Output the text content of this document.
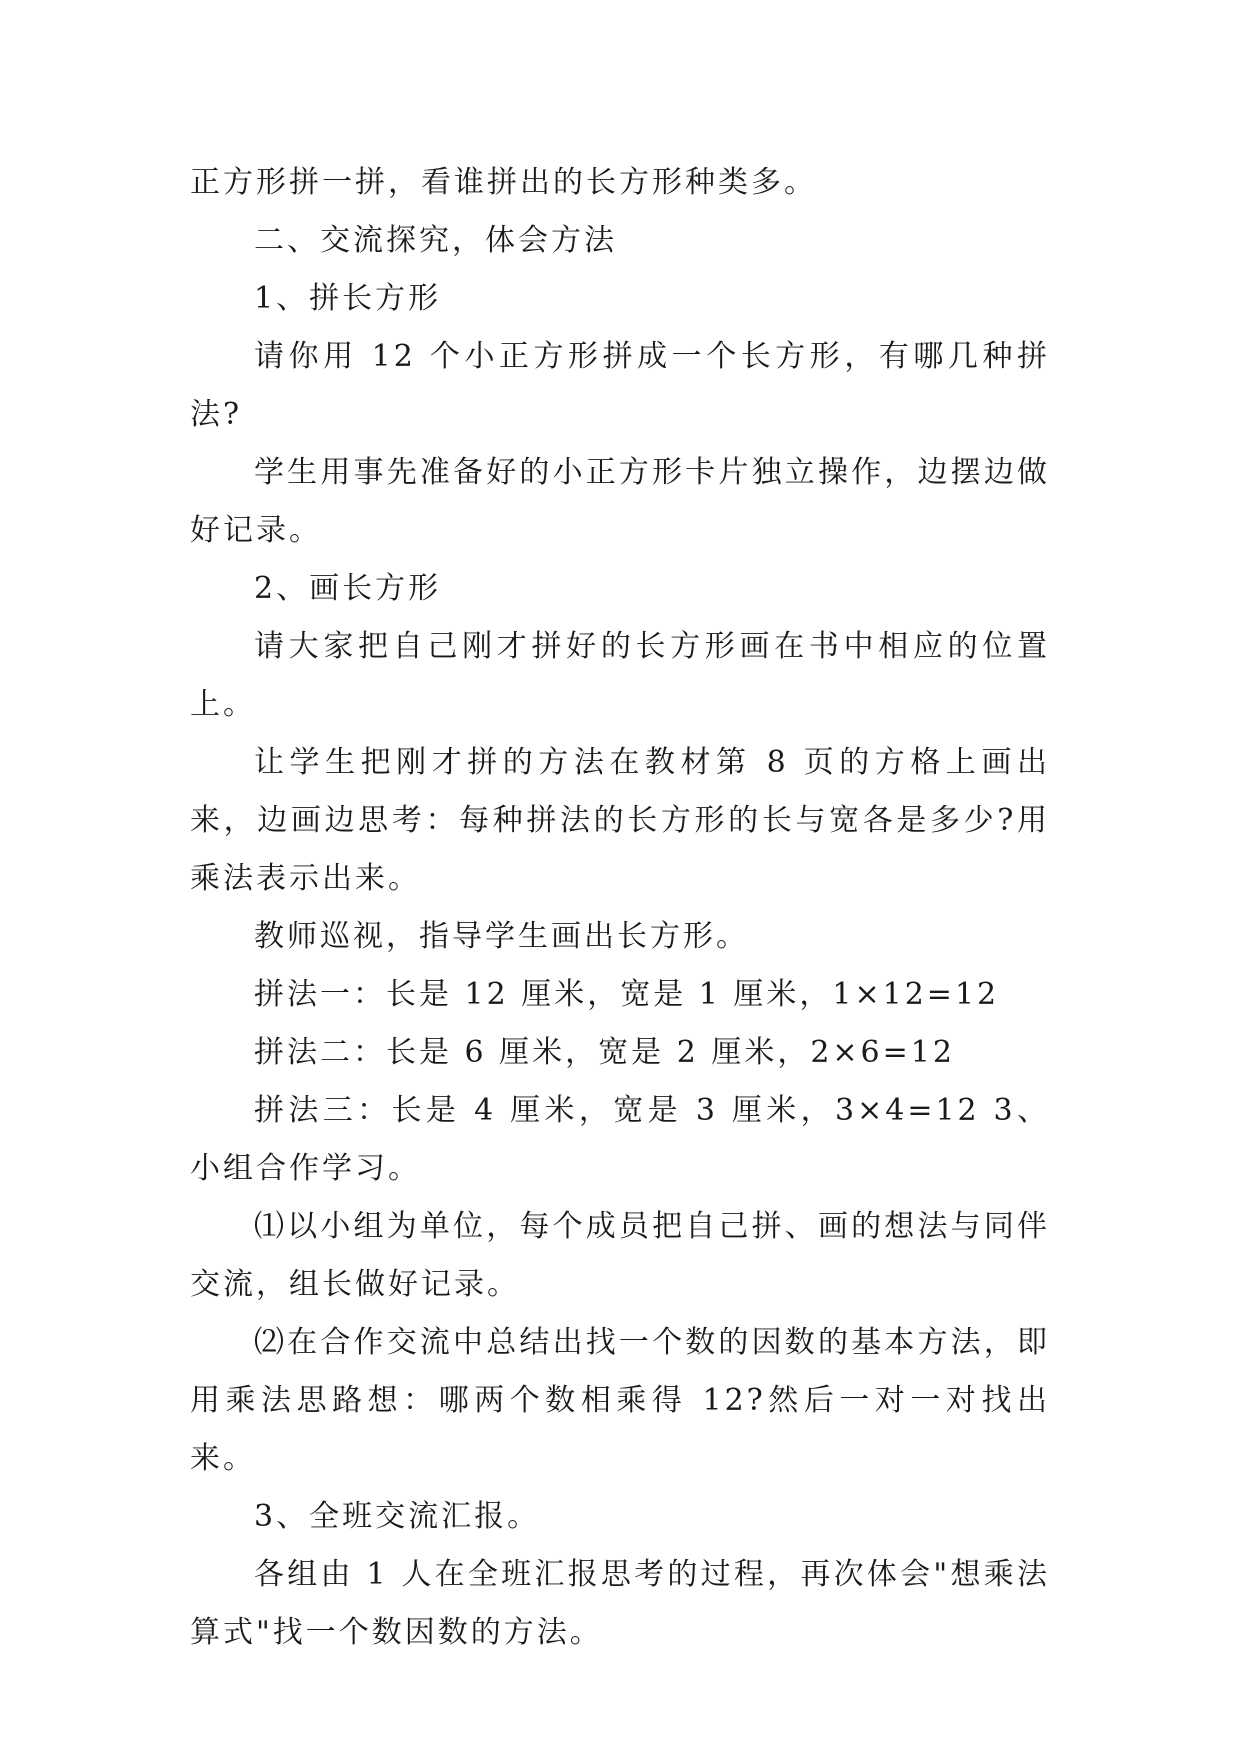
正方形拼一拼，看谁拼出的长方形种类多。

二、交流探究，体会方法

1、拼长方形

请你用 12 个小正方形拼成一个长方形，有哪几种拼法?

学生用事先准备好的小正方形卡片独立操作，边摆边做好记录。

2、画长方形

请大家把自己刚才拼好的长方形画在书中相应的位置上。

让学生把刚才拼的方法在教材第 8 页的方格上画出来，边画边思考：每种拼法的长方形的长与宽各是多少?用乘法表示出来。

教师巡视，指导学生画出长方形。

拼法一：长是 12 厘米，宽是 1 厘米，1×12=12

拼法二：长是 6 厘米，宽是 2 厘米，2×6=12

拼法三：长是 4 厘米，宽是 3 厘米，3×4=12 3、小组合作学习。

⑴以小组为单位，每个成员把自己拼、画的想法与同伴交流，组长做好记录。

⑵在合作交流中总结出找一个数的因数的基本方法，即用乘法思路想：哪两个数相乘得 12?然后一对一对找出来。

3、全班交流汇报。

各组由 1 人在全班汇报思考的过程，再次体会"想乘法算式"找一个数因数的方法。
